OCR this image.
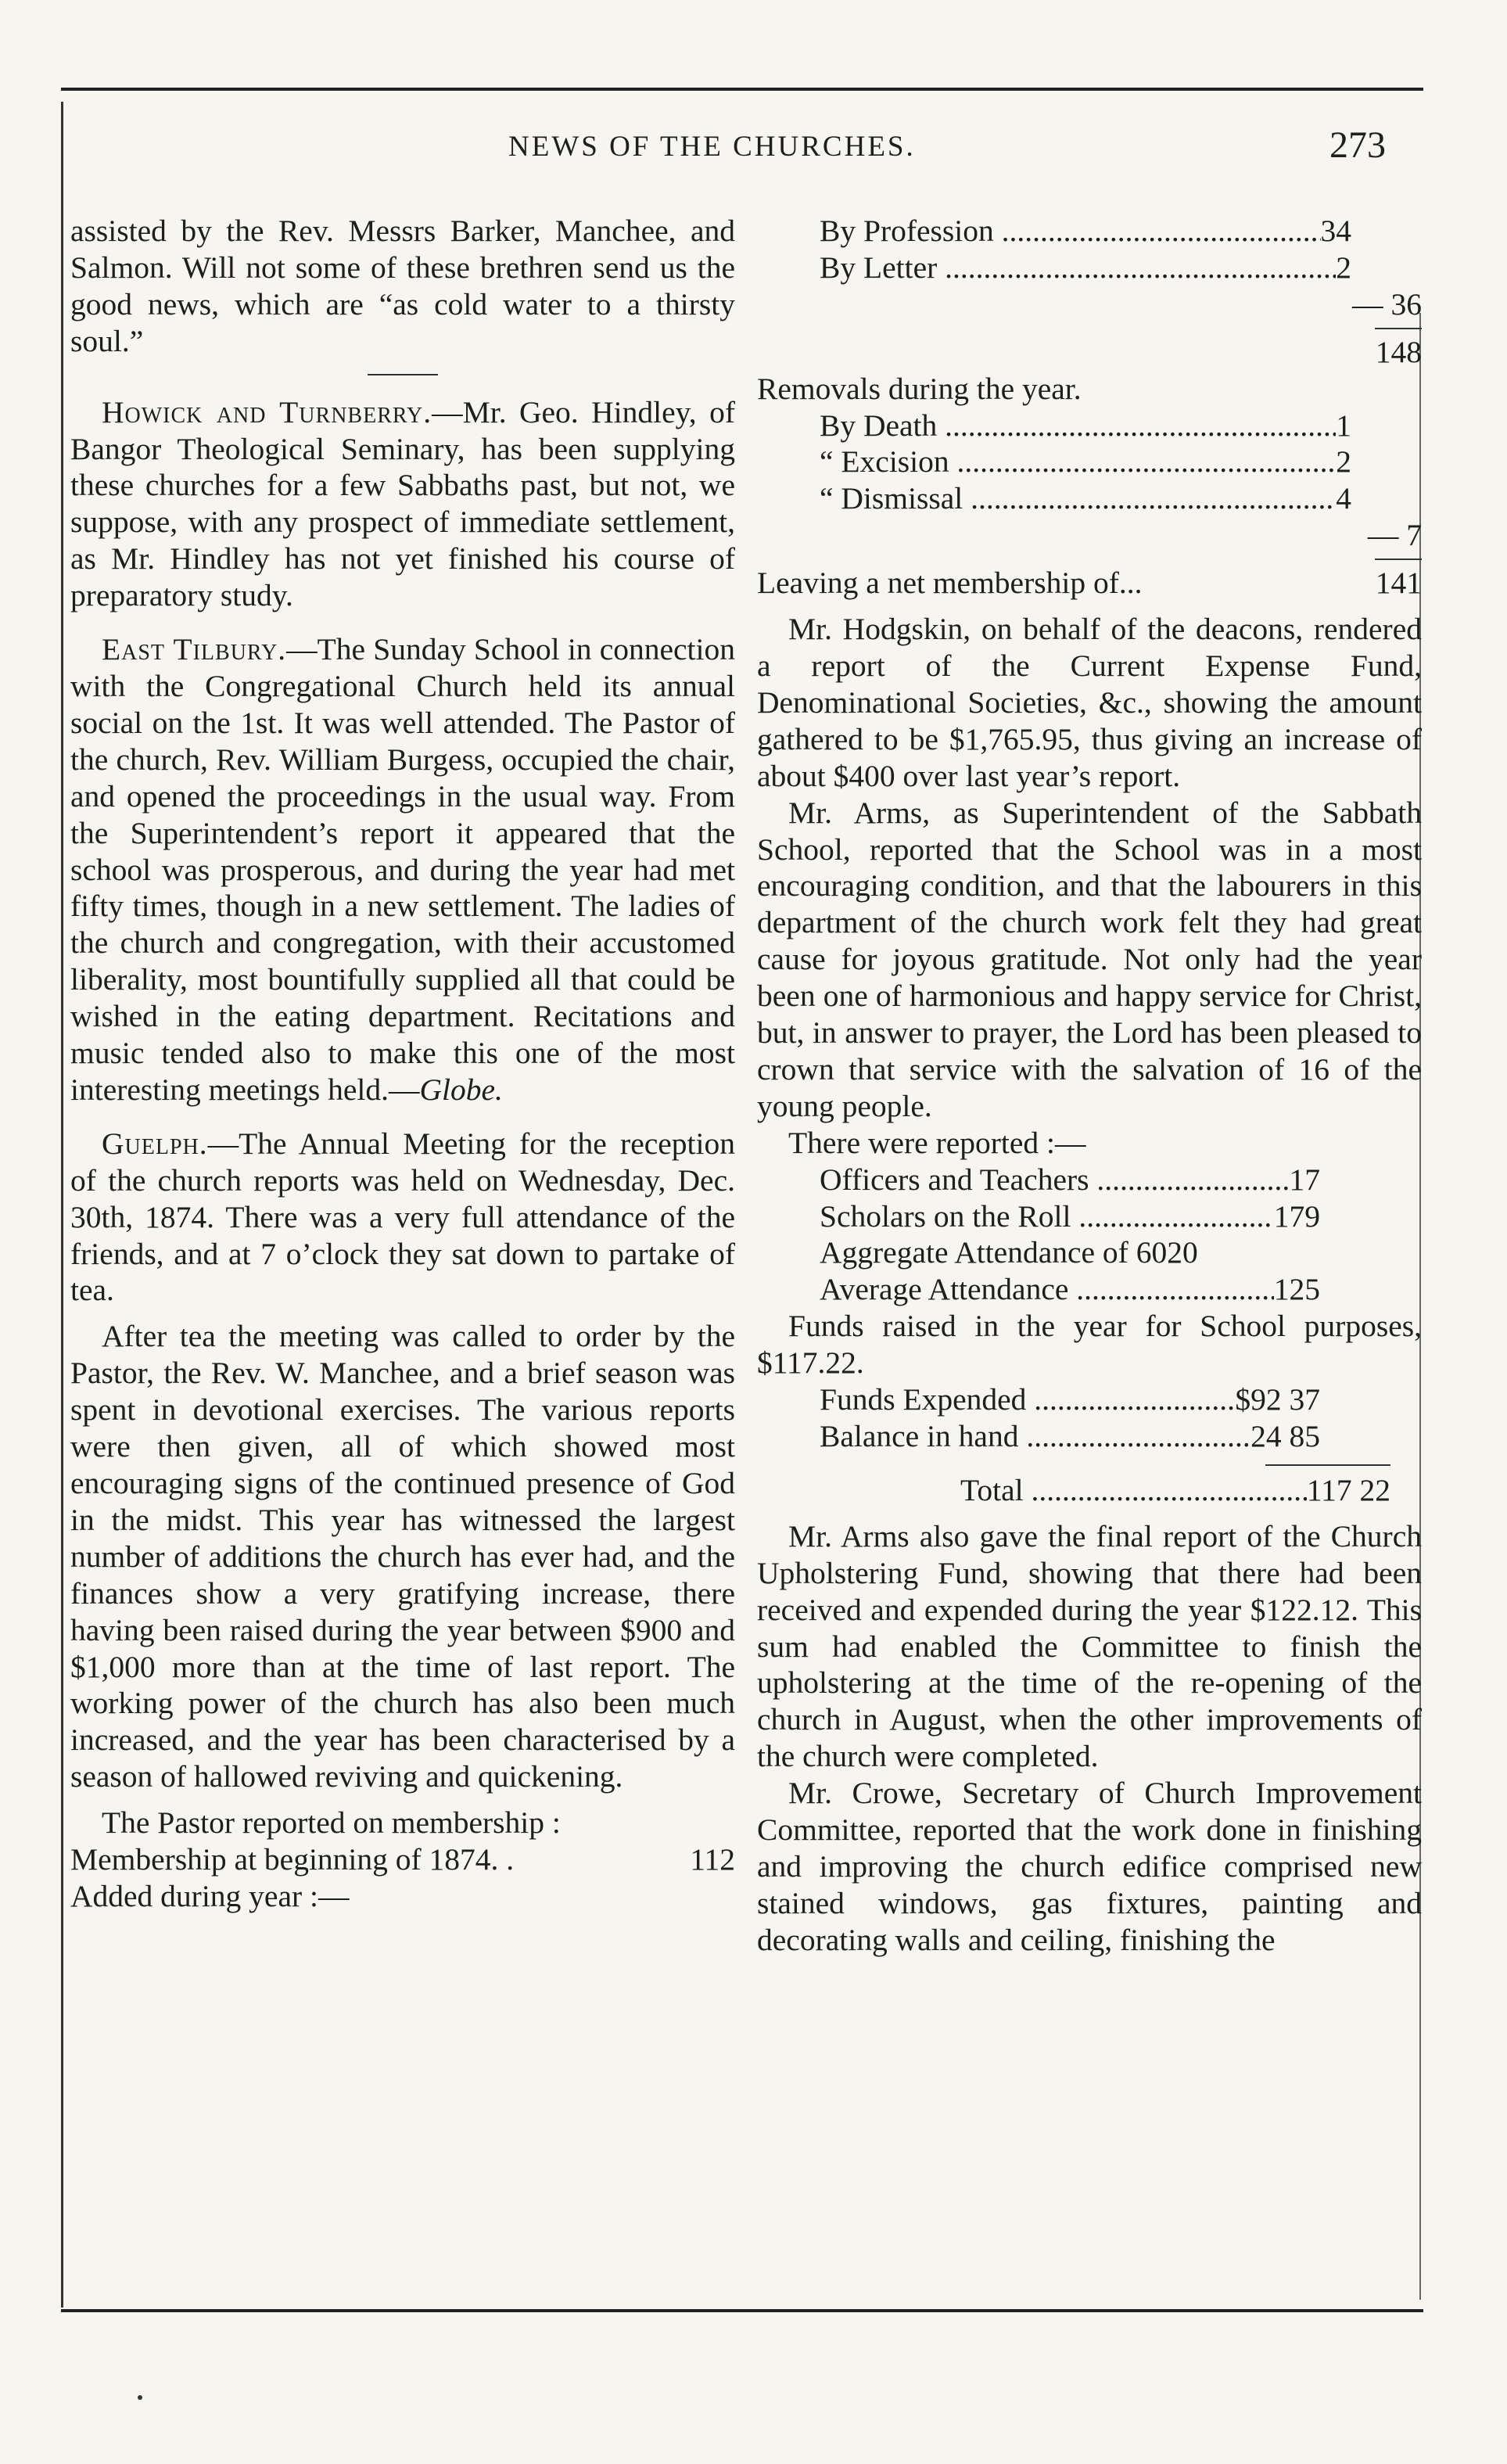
NEWS OF THE CHURCHES.	273

assisted by the Rev. Messrs Barker, Manchee, and Salmon. Will not some of these brethren send us the good news, which are “as cold water to a thirsty soul.”

Howick and Turnberry.—Mr. Geo. Hindley, of Bangor Theological Seminary, has been supplying these churches for a few Sabbaths past, but not, we suppose, with any prospect of immediate settlement, as Mr. Hindley has not yet finished his course of preparatory study.

East Tilbury.—The Sunday School in connection with the Congregational Church held its annual social on the 1st. It was well attended. The Pastor of the church, Rev. William Burgess, occupied the chair, and opened the proceedings in the usual way. From the Superintendent’s report it appeared that the school was prosperous, and during the year had met fifty times, though in a new settlement. The ladies of the church and congregation, with their accustomed liberality, most bountifully supplied all that could be wished in the eating department. Recitations and music tended also to make this one of the most interesting meetings held.—Globe.

Guelph.—The Annual Meeting for the reception of the church reports was held on Wednesday, Dec. 30th, 1874. There was a very full attendance of the friends, and at 7 o’clock they sat down to partake of tea.

After tea the meeting was called to order by the Pastor, the Rev. W. Manchee, and a brief season was spent in devotional exercises. The various reports were then given, all of which showed most encouraging signs of the continued presence of God in the midst. This year has witnessed the largest number of additions the church has ever had, and the finances show a very gratifying increase, there having been raised during the year between $900 and $1,000 more than at the time of last report. The working power of the church has also been much increased, and the year has been characterised by a season of hallowed reviving and quickening.

The Pastor reported on membership :

Membership at beginning of 1874. .	112
Added during year :—
By Profession .....	34
By Letter .....	2
— 36
148
Removals during the year.
By Death .....	1
“ Excision .....	2
“ Dismissal .....	4
— 7
Leaving a net membership of...	141

Mr. Hodgskin, on behalf of the deacons, rendered a report of the Current Expense Fund, Denominational Societies, &c., showing the amount gathered to be $1,765.95, thus giving an increase of about $400 over last year’s report.

Mr. Arms, as Superintendent of the Sabbath School, reported that the School was in a most encouraging condition, and that the labourers in this department of the church work felt they had great cause for joyous gratitude. Not only had the year been one of harmonious and happy service for Christ, but, in answer to prayer, the Lord has been pleased to crown that service with the salvation of 16 of the young people.

There were reported :—
Officers and Teachers .....	17
Scholars on the Roll .....	179
Aggregate Attendance of 6020
Average Attendance .....	125

Funds raised in the year for School purposes, $117.22.

Funds Expended .....	$92 37
Balance in hand .....	24 85
Total .....	117 22

Mr. Arms also gave the final report of the Church Upholstering Fund, showing that there had been received and expended during the year $122.12. This sum had enabled the Committee to finish the upholstering at the time of the re-opening of the church in August, when the other improvements of the church were completed.

Mr. Crowe, Secretary of Church Improvement Committee, reported that the work done in finishing and improving the church edifice comprised new stained windows, gas fixtures, painting and decorating walls and ceiling, finishing the
